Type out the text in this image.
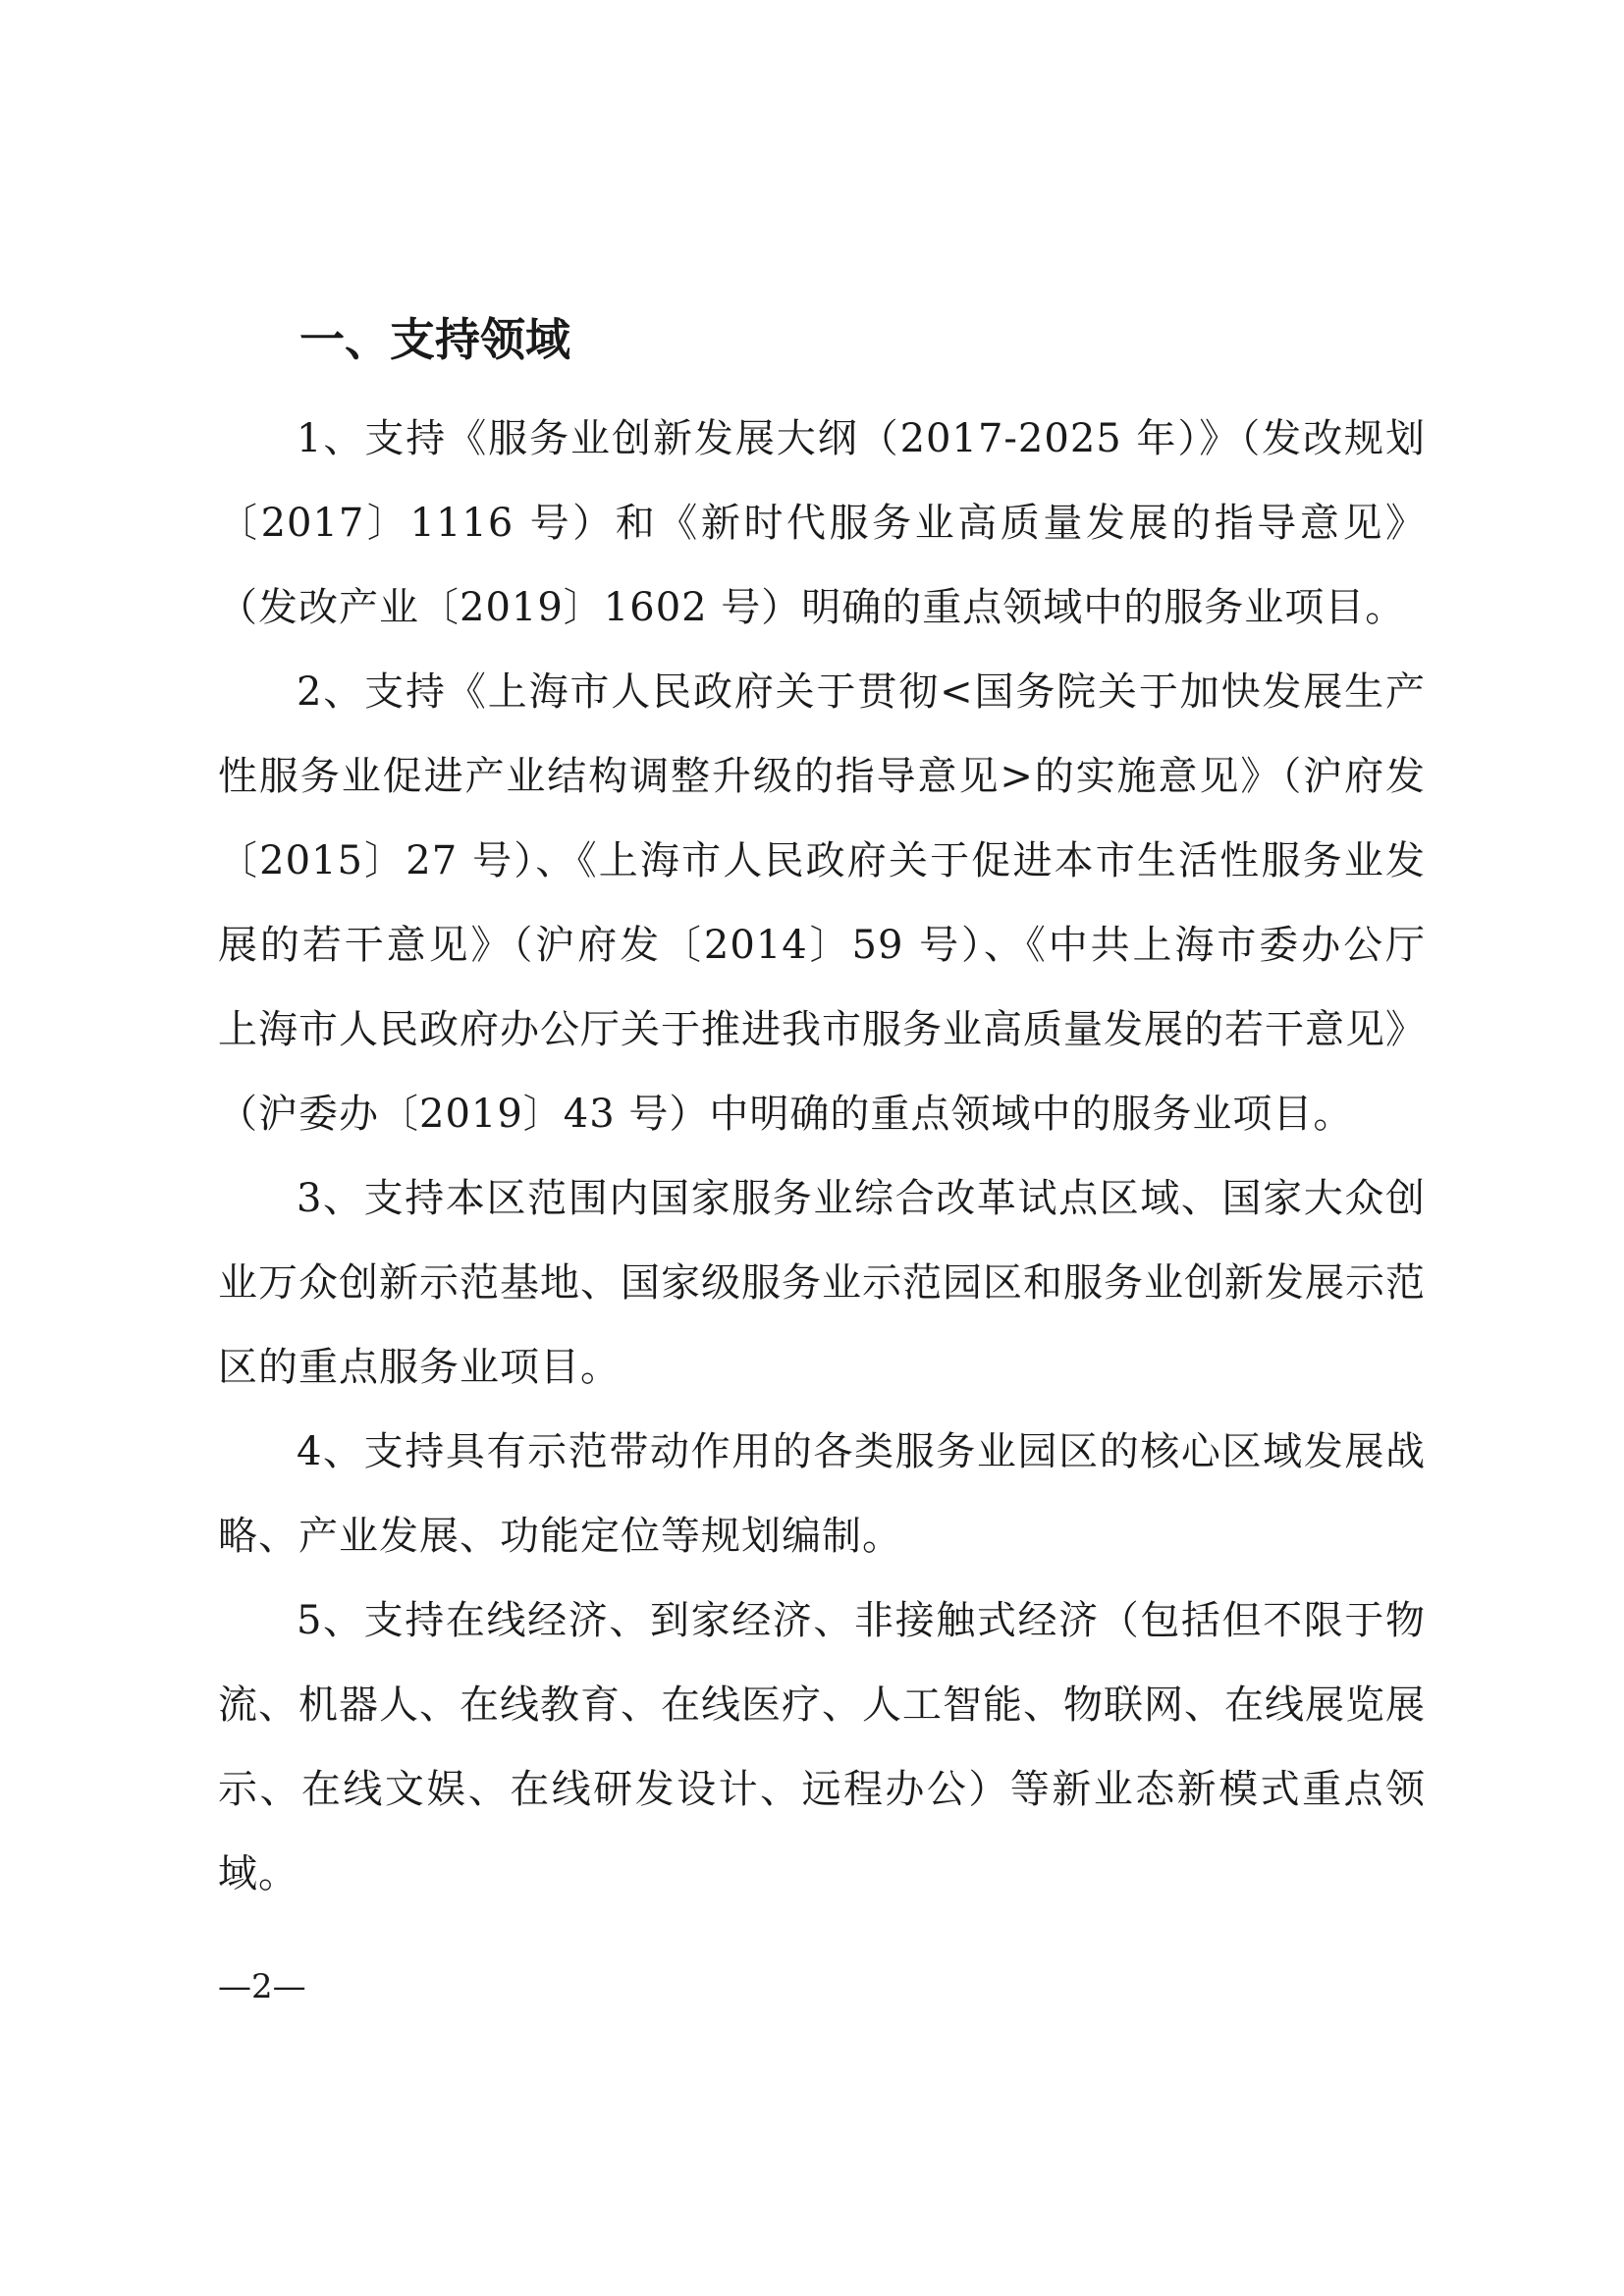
一、支持领域

1、支持《服务业创新发展大纲（2017-2025 年）》（发改规划〔2017〕1116 号）和《新时代服务业高质量发展的指导意见》（发改产业〔2019〕1602 号）明确的重点领域中的服务业项目。

2、支持《上海市人民政府关于贯彻<国务院关于加快发展生产性服务业促进产业结构调整升级的指导意见>的实施意见》（沪府发〔2015〕27 号）、《上海市人民政府关于促进本市生活性服务业发展的若干意见》（沪府发〔2014〕59 号）、《中共上海市委办公厅 上海市人民政府办公厅关于推进我市服务业高质量发展的若干意见》（沪委办〔2019〕43 号）中明确的重点领域中的服务业项目。

3、支持本区范围内国家服务业综合改革试点区域、国家大众创业万众创新示范基地、国家级服务业示范园区和服务业创新发展示范区的重点服务业项目。

4、支持具有示范带动作用的各类服务业园区的核心区域发展战略、产业发展、功能定位等规划编制。

5、支持在线经济、到家经济、非接触式经济（包括但不限于物流、机器人、在线教育、在线医疗、人工智能、物联网、在线展览展示、在线文娱、在线研发设计、远程办公）等新业态新模式重点领域。

—2—
